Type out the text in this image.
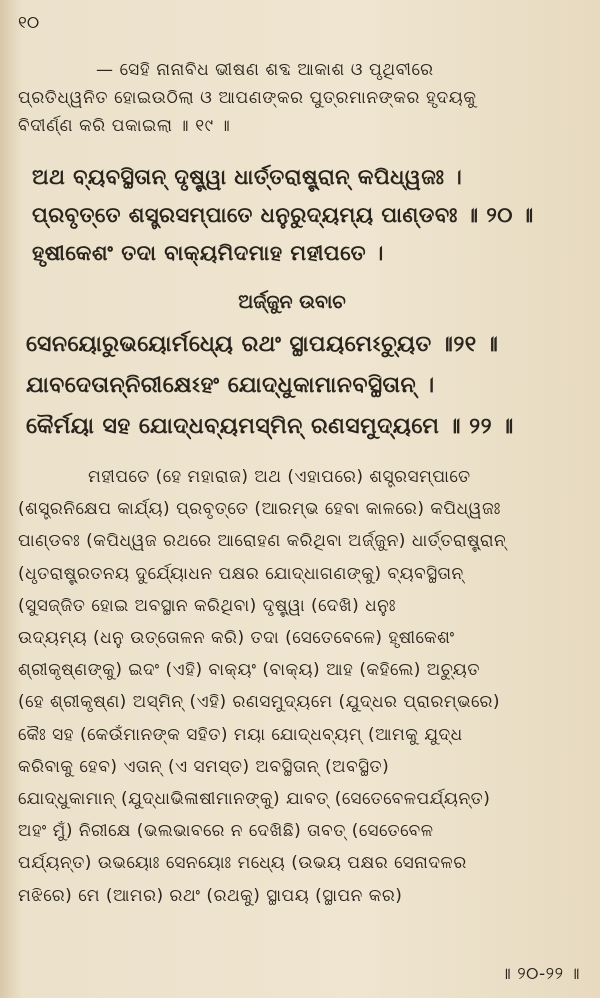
୧୦
— ସେହି ନାନାବିଧ ଭୀଷଣ ଶବ୍ଦ ଆକାଶ ଓ ପୃଥିବୀରେ
ପ୍ରତିଧ୍ୱନିତ ହୋଇଉଠିଲା ଓ ଆପଣଙ୍କର ପୁତ୍ରମାନଙ୍କର ହୃଦୟକୁ
ବିଦୀର୍ଣ୍ଣ କରି ପକାଇଲା ॥ ୧୯ ॥
ଅଥ ବ୍ୟବସ୍ଥିତାନ୍ ଦୃଷ୍ଟ୍ୱା ଧାର୍ତ୍ତରାଷ୍ଟ୍ରାନ୍ କପିଧ୍ୱଜଃ ।
ପ୍ରବୃତ୍ତେ ଶସ୍ତ୍ରସମ୍ପାତେ ଧନୁରୁଦ୍ୟମ୍ୟ ପାଣ୍ଡବଃ ॥ ୨୦ ॥
ହୃଷୀକେଶଂ ତଦା ବାକ୍ୟମିଦମାହ ମହୀପତେ ।
ଅର୍ଜ୍ଜୁନ ଉବାଚ
ସେନୟୋରୁଭୟୋର୍ମଧ୍ୟେ ରଥଂ ସ୍ଥାପୟମେଽଚ୍ୟୁତ ॥୨୧ ॥
ଯାବଦେତାନ୍ନିରୀକ୍ଷେଽହଂ ଯୋଦ୍ଧୁକାମାନବସ୍ଥିତାନ୍ ।
କୈର୍ମୟା ସହ ଯୋଦ୍ଧବ୍ୟମସ୍ମିନ୍ ରଣସମୁଦ୍ୟମେ ॥ ୨୨ ॥
ମହୀପତେ (ହେ ମହାରାଜ) ଅଥ (ଏହାପରେ) ଶସ୍ତ୍ରସମ୍ପାତେ
(ଶସ୍ତ୍ରନିକ୍ଷେପ କାର୍ଯ୍ୟ) ପ୍ରବୃତ୍ତେ (ଆରମ୍ଭ ହେବା କାଳରେ) କପିଧ୍ୱଜଃ
ପାଣ୍ଡବଃ (କପିଧ୍ୱଜ ରଥରେ ଆରୋହଣ କରିଥିବା ଅର୍ଜ୍ଜୁନ) ଧାର୍ତ୍ତରାଷ୍ଟ୍ରାନ୍
(ଧୃତରାଷ୍ଟ୍ରତନୟ ଦୁର୍ଯ୍ୟୋଧନ ପକ୍ଷର ଯୋଦ୍ଧାଗଣଙ୍କୁ) ବ୍ୟବସ୍ଥିତାନ୍
(ସୁସଜ୍ଜିତ ହୋଇ ଅବସ୍ଥାନ କରିଥିବା) ଦୃଷ୍ଟ୍ୱା (ଦେଖି) ଧନୁଃ
ଉଦ୍ୟମ୍ୟ (ଧନୁ ଉତ୍ତୋଳନ କରି) ତଦା (ସେତେବେଳେ) ହୃଷୀକେଶଂ
ଶ୍ରୀକୃଷ୍ଣଙ୍କୁ) ଇଦଂ (ଏହି) ବାକ୍ୟଂ (ବାକ୍ୟ) ଆହ (କହିଲେ) ଅଚ୍ୟୁତ
(ହେ ଶ୍ରୀକୃଷ୍ଣ) ଅସ୍ମିନ୍ (ଏହି) ରଣସମୁଦ୍ୟମେ (ଯୁଦ୍ଧର ପ୍ରାରମ୍ଭରେ)
କୈଃ ସହ (କେଉଁମାନଙ୍କ ସହିତ) ମୟା ଯୋଦ୍ଧବ୍ୟମ୍ (ଆମକୁ ଯୁଦ୍ଧ
କରିବାକୁ ହେବ) ଏତାନ୍ (ଏ ସମସ୍ତ) ଅବସ୍ଥିତାନ୍ (ଅବସ୍ଥିତ)
ଯୋଦ୍ଧୁକାମାନ୍ (ଯୁଦ୍ଧାଭିଳାଷୀମାନଙ୍କୁ) ଯାବତ୍ (ସେତେବେଳପର୍ଯ୍ୟନ୍ତ)
ଅହଂ ମୁଁ) ନିରୀକ୍ଷେ (ଭଲଭାବରେ ନ ଦେଖିଛି) ତାବତ୍ (ସେତେବେଳ
ପର୍ଯ୍ୟନ୍ତ) ଉଭୟୋଃ ସେନୟୋଃ ମଧ୍ୟେ (ଉଭୟ ପକ୍ଷର ସେନାଦଳର
ମଝିରେ) ମେ (ଆମର) ରଥଂ (ରଥକୁ) ସ୍ଥାପୟ (ସ୍ଥାପନ କର)
॥ ୨୦-୨୨ ॥
